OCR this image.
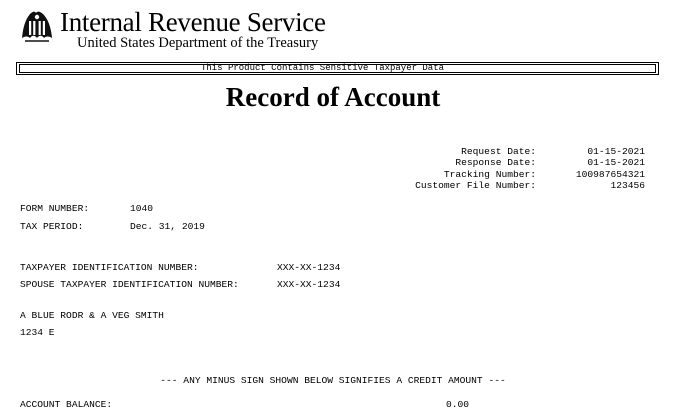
Internal Revenue Service
United States Department of the Treasury
This Product Contains Sensitive Taxpayer Data
Record of Account
Request Date:	01-15-2021
Response Date:	01-15-2021
Tracking Number:	100987654321
Customer File Number:	123456
FORM NUMBER:	1040
TAX PERIOD:	Dec. 31, 2019
TAXPAYER IDENTIFICATION NUMBER:	XXX-XX-1234
SPOUSE TAXPAYER IDENTIFICATION NUMBER:	XXX-XX-1234
A BLUE RODR & A VEG SMITH
1234 E
--- ANY MINUS SIGN SHOWN BELOW SIGNIFIES A CREDIT AMOUNT ---
ACCOUNT BALANCE:	0.00
